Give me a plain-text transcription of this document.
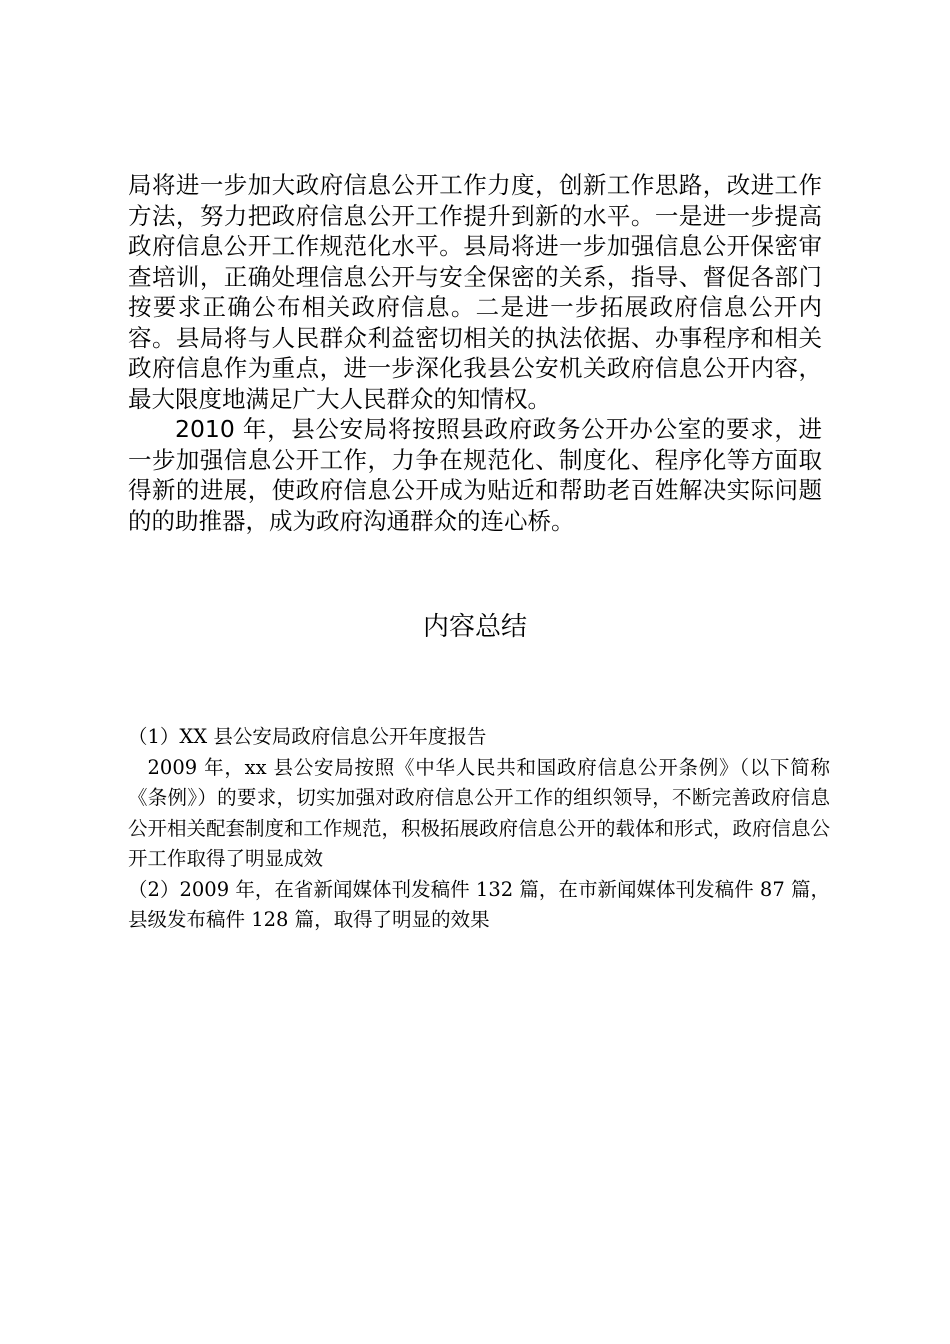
局将进一步加大政府信息公开工作力度，创新工作思路，改进工作方法，努力把政府信息公开工作提升到新的水平。一是进一步提高政府信息公开工作规范化水平。县局将进一步加强信息公开保密审查培训，正确处理信息公开与安全保密的关系，指导、督促各部门按要求正确公布相关政府信息。二是进一步拓展政府信息公开内容。县局将与人民群众利益密切相关的执法依据、办事程序和相关政府信息作为重点，进一步深化我县公安机关政府信息公开内容，最大限度地满足广大人民群众的知情权。

2010 年，县公安局将按照县政府政务公开办公室的要求，进一步加强信息公开工作，力争在规范化、制度化、程序化等方面取得新的进展，使政府信息公开成为贴近和帮助老百姓解决实际问题的的助推器，成为政府沟通群众的连心桥。

内容总结

（1）XX 县公安局政府信息公开年度报告

2009 年，xx 县公安局按照《中华人民共和国政府信息公开条例》（以下简称《条例》）的要求，切实加强对政府信息公开工作的组织领导，不断完善政府信息公开相关配套制度和工作规范，积极拓展政府信息公开的载体和形式，政府信息公开工作取得了明显成效

（2）2009 年，在省新闻媒体刊发稿件 132 篇，在市新闻媒体刊发稿件 87 篇，县级发布稿件 128 篇，取得了明显的效果
